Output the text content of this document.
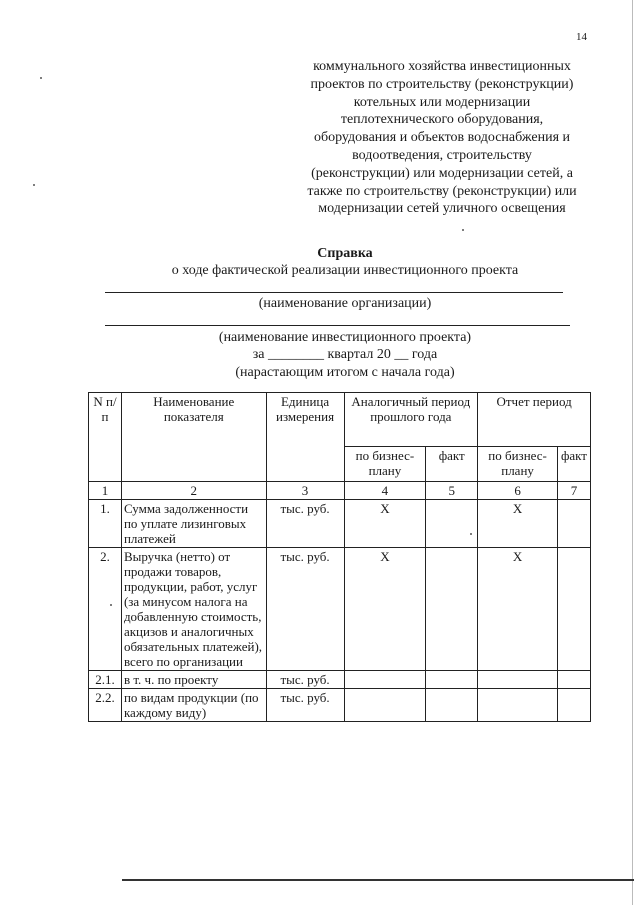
14
коммунального хозяйства инвестиционных
проектов по строительству (реконструкции)
котельных или модернизации
теплотехнического оборудования,
оборудования и объектов водоснабжения и
водоотведения, строительству
(реконструкции) или модернизации сетей, а
также по строительству (реконструкции) или
модернизации сетей уличного освещения
Справка
о ходе фактической реализации инвестиционного проекта
(наименование организации)
(наименование инвестиционного проекта)
за ________ квартал 20 __ года
(нарастающим итогом с начала года)
N п/п	Наименование показателя	Единица измерения	Аналогичный период прошлого года		Отчет период	
			по бизнес-плану	факт	по бизнес-плану	факт
1	2	3	4	5	6	7
1.	Сумма задолженности по уплате лизинговых платежей	тыс. руб.	Х		Х	
2.	Выручка (нетто) от продажи товаров, продукции, работ, услуг (за минусом налога на добавленную стоимость, акцизов и аналогичных обязательных платежей), всего по организации	тыс. руб.	Х		Х	
2.1.	в т. ч. по проекту	тыс. руб.				
2.2.	по видам продукции (по каждому виду)	тыс. руб.				
